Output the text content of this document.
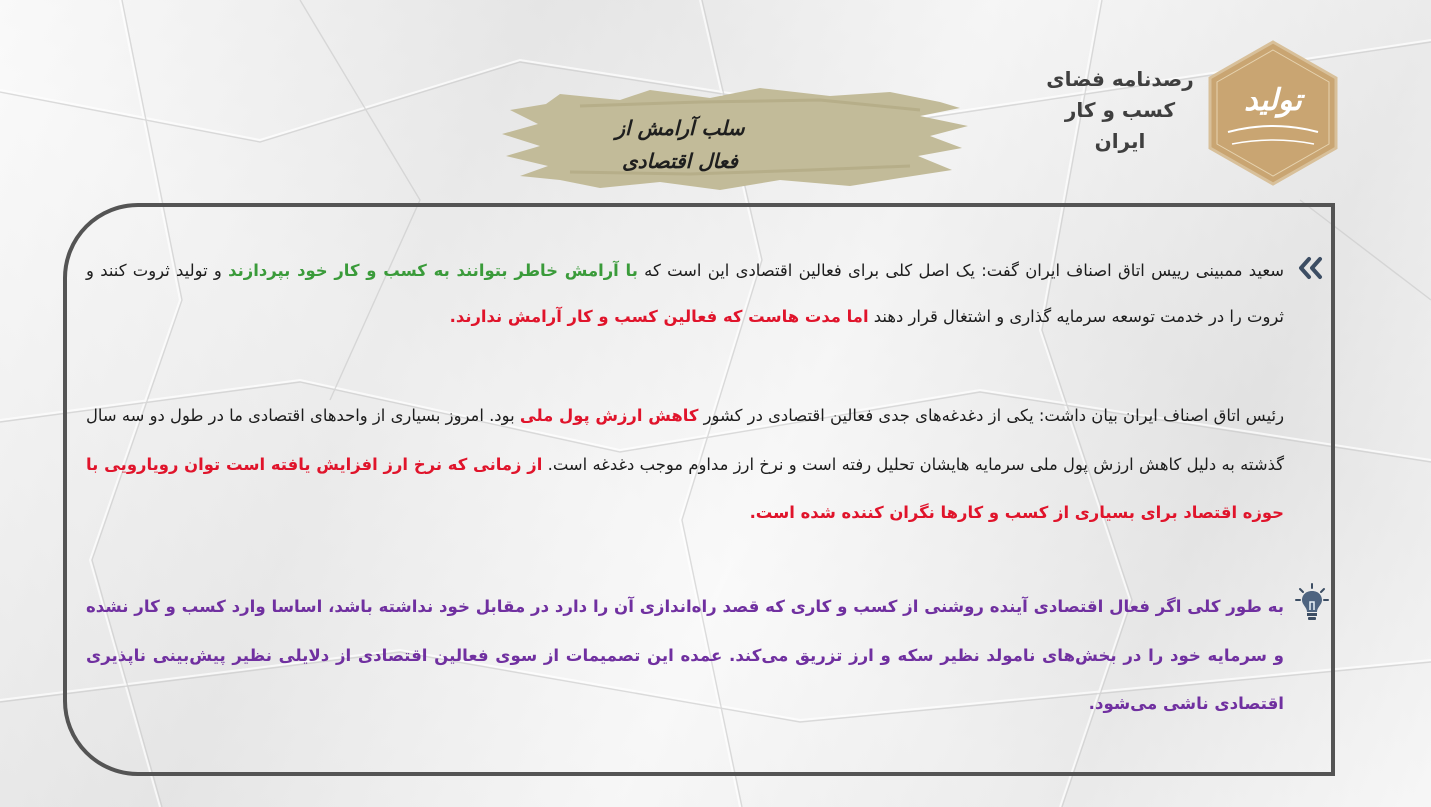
تولید
رصدنامه فضای
کسب و کار
ایران
سلب آرامش از
فعال اقتصادی
سعید ممبینی رییس اتاق اصناف ایران گفت: یک اصل کلی برای فعالین اقتصادی این است که با آرامش خاطر بتوانند به کسب و کار خود بپردازند و تولید ثروت کنند و ثروت را در خدمت توسعه سرمایه گذاری و اشتغال قرار دهند اما مدت هاست که فعالین کسب و کار آرامش ندارند.
رئیس اتاق اصناف ایران بیان داشت: یکی از دغدغه‌های جدی فعالین اقتصادی در کشور کاهش ارزش پول ملی بود. امروز بسیاری از واحدهای اقتصادی ما در طول دو سه سال گذشته به دلیل کاهش ارزش پول ملی سرمایه هایشان تحلیل رفته است و نرخ ارز مداوم موجب دغدغه است. از زمانی که نرخ ارز افزایش یافته است توان رویارویی با حوزه اقتصاد برای بسیاری از کسب و کارها نگران کننده شده است.
به طور کلی اگر فعال اقتصادی آینده روشنی از کسب و کاری که قصد راه‌اندازی آن را دارد در مقابل خود نداشته باشد، اساسا وارد کسب و کار نشده و سرمایه خود را در بخش‌های نامولد نظیر سکه و ارز تزریق می‌کند. عمده این تصمیمات از سوی فعالین اقتصادی از دلایلی نظیر پیش‌بینی ناپذیری اقتصادی ناشی می‌شود.
